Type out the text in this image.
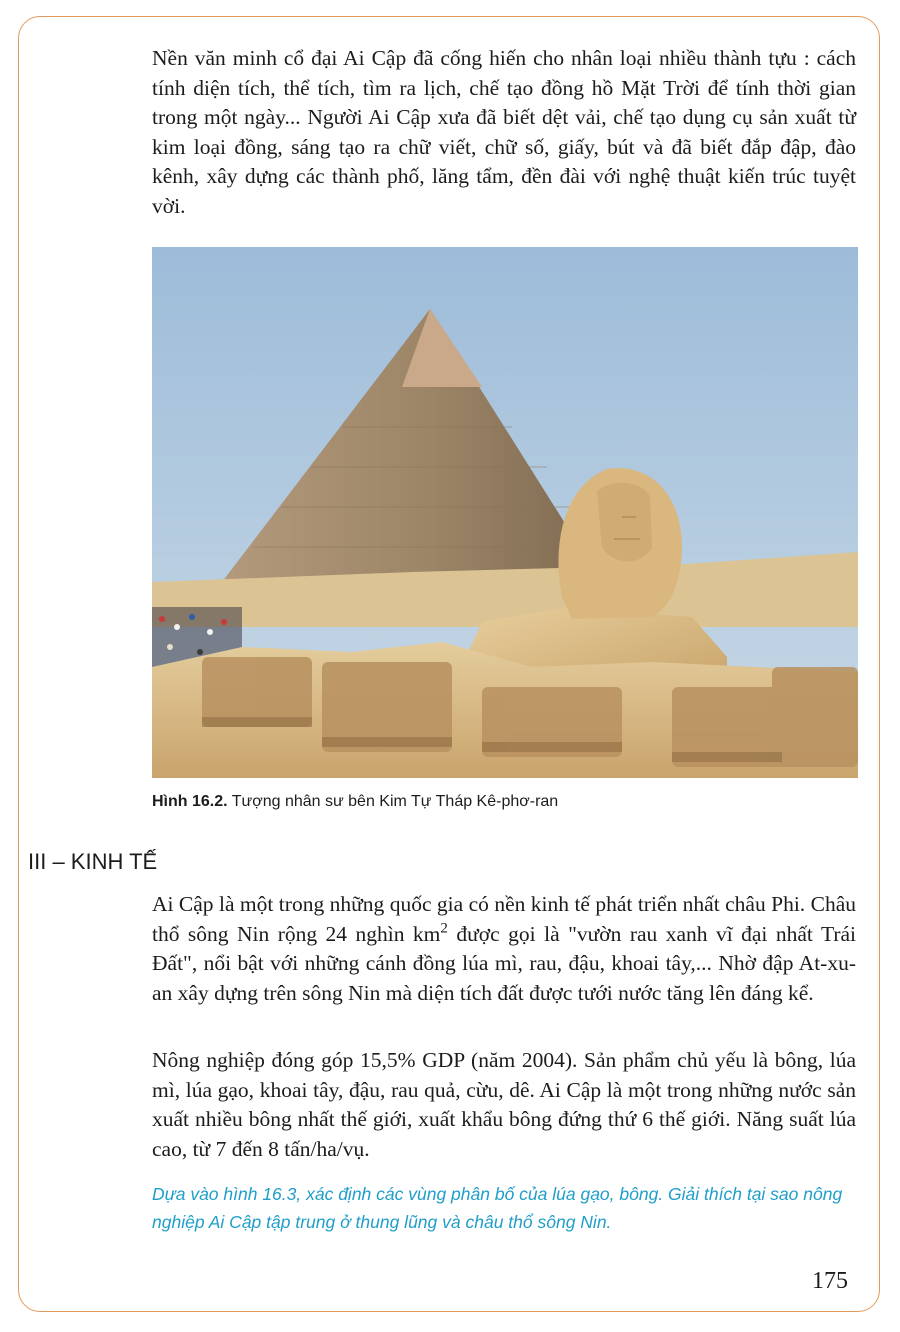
Nền văn minh cổ đại Ai Cập đã cống hiến cho nhân loại nhiều thành tựu : cách tính diện tích, thể tích, tìm ra lịch, chế tạo đồng hồ Mặt Trời để tính thời gian trong một ngày... Người Ai Cập xưa đã biết dệt vải, chế tạo dụng cụ sản xuất từ kim loại đồng, sáng tạo ra chữ viết, chữ số, giấy, bút và đã biết đắp đập, đào kênh, xây dựng các thành phố, lăng tẩm, đền đài với nghệ thuật kiến trúc tuyệt vời.

Hình 16.2. Tượng nhân sư bên Kim Tự Tháp Kê-phơ-ran
III – KINH TẾ

Ai Cập là một trong những quốc gia có nền kinh tế phát triển nhất châu Phi. Châu thổ sông Nin rộng 24 nghìn $km^2$ được gọi là "vườn rau xanh vĩ đại nhất Trái Đất", nổi bật với những cánh đồng lúa mì, rau, đậu, khoai tây,... Nhờ đập At-xu-an xây dựng trên sông Nin mà diện tích đất được tưới nước tăng lên đáng kể.

Nông nghiệp đóng góp 15,5% GDP (năm 2004). Sản phẩm chủ yếu là bông, lúa mì, lúa gạo, khoai tây, đậu, rau quả, cừu, dê. Ai Cập là một trong những nước sản xuất nhiều bông nhất thế giới, xuất khẩu bông đứng thứ 6 thế giới. Năng suất lúa cao, từ 7 đến 8 tấn/ha/vụ.

Dựa vào hình 16.3, xác định các vùng phân bố của lúa gạo, bông. Giải thích tại sao nông nghiệp Ai Cập tập trung ở thung lũng và châu thổ sông Nin.

175
